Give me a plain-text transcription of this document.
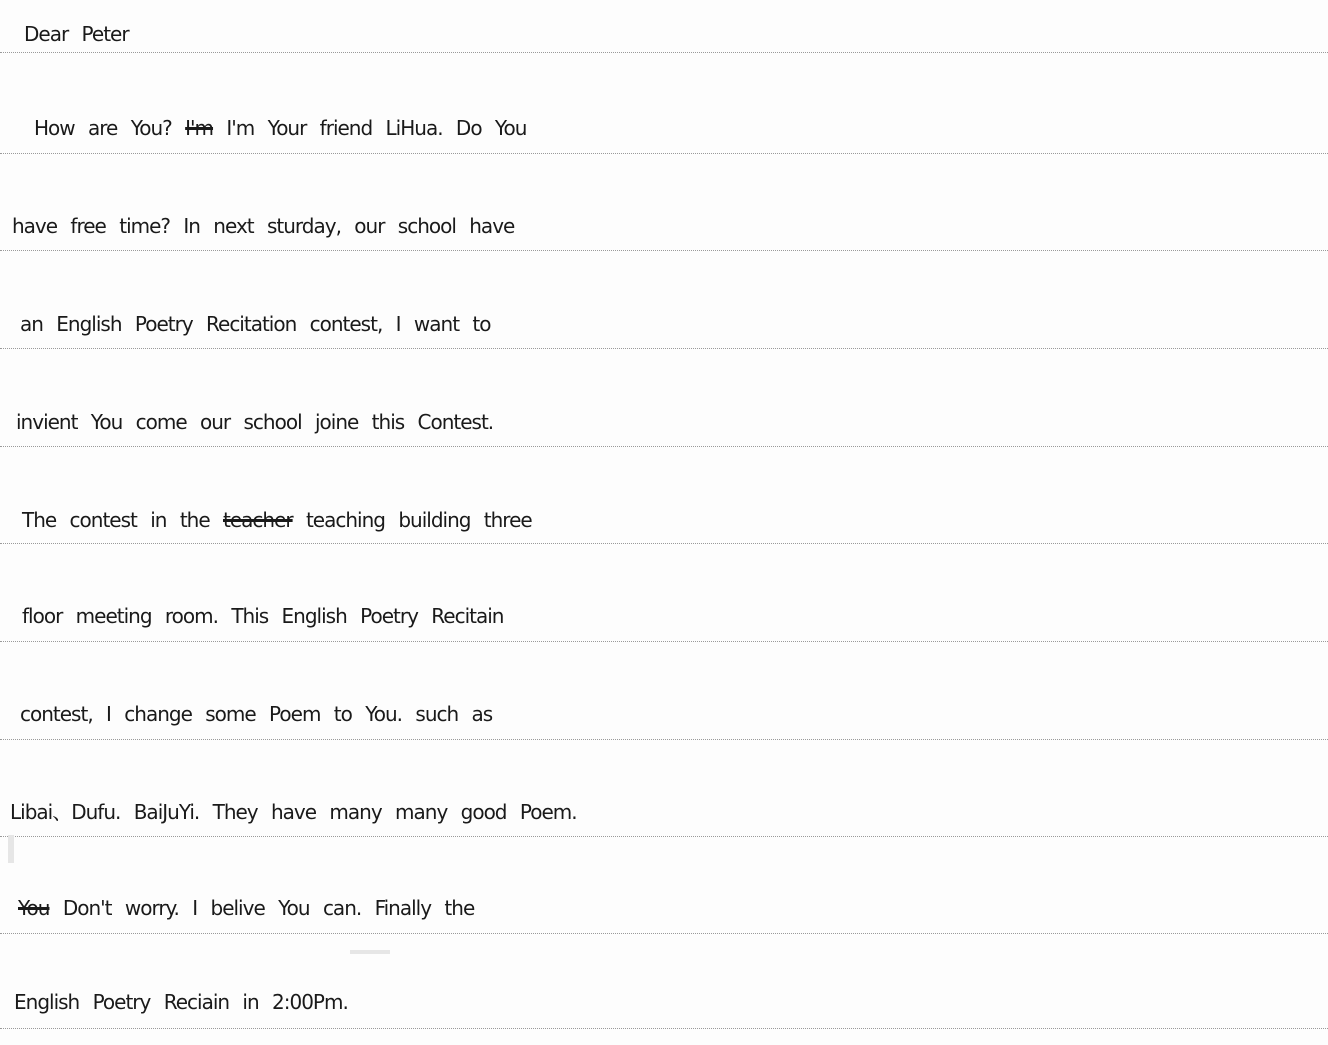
Dear Peter
How are You? I'm I'm Your friend LiHua. Do You
have free time? In next sturday, our school have
an English Poetry Recitation contest, I want to
invient You come our school joine this Contest.
The contest in the teacher teaching building three
floor meeting room. This English Poetry Recitain
contest, I change some Poem to You. such as
Libai、Dufu. BaiJuYi. They have many many good Poem.
You Don't worry. I belive You can. Finally the
English Poetry Reciain in 2:00Pm.
